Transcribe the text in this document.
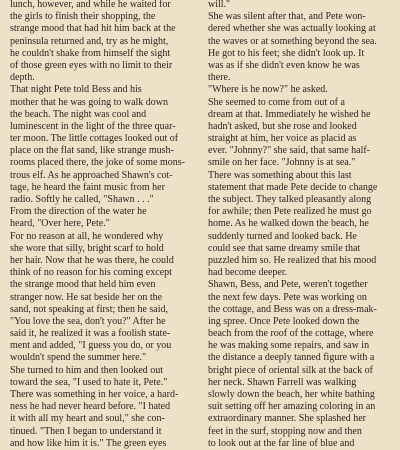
lunch, however, and while he waited for
the girls to finish their shopping, the
strange mood that had hit him back at the
peninsula returned and, try as he might,
he couldn't shake from himself the sight
of those green eyes with no limit to their
depth.
That night Pete told Bess and his
mother that he was going to walk down
the beach. The night was cool and
luminescent in the light of the three quar-
ter moon. The little cottages looked out of
place on the flat sand, like strange mush-
rooms placed there, the joke of some mons-
trous elf. As he approached Shawn's cot-
tage, he heard the faint music from her
radio. Softly he called, "Shawn . . ."
From the direction of the water he
heard, "Over here, Pete."
For no reason at all, he wondered why
she wore that silly, bright scarf to hold
her hair. Now that he was there, he could
think of no reason for his coming except
the strange mood that held him even
stranger now. He sat beside her on the
sand, not speaking at first; then he said,
"You love the sea, don't you?" After he
said it, he realized it was a foolish state-
ment and added, "I guess you do, or you
wouldn't spend the summer here."
She turned to him and then looked out
toward the sea, "I used to hate it, Pete."
There was something in her voice, a hard-
ness he had never heard before. "I hated
it with all my heart and soul," she con-
tinued. "Then I began to understand it
and how like him it is." The green eyes
will."
She was silent after that, and Pete won-
dered whether she was actually looking at
the waves or at something beyond the sea.
He got to his feet; she didn't look up. It
was as if she didn't even know he was
there.
"Where is he now?" he asked.
She seemed to come from out of a
dream at that. Immediately he wished he
hadn't asked, but she rose and looked
straight at him, her voice as placid as
ever. "Johnny?" she said, that same half-
smile on her face. "Johnny is at sea."
There was something about this last
statement that made Pete decide to change
the subject. They talked pleasantly along
for awhile; then Pete realized he must go
home. As he walked down the beach, he
suddenly turned and looked back. He
could see that same dreamy smile that
puzzled him so. He realized that his mood
had become deeper.
Shawn, Bess, and Pete, weren't together
the next few days. Pete was working on
the cottage, and Bess was on a dress-mak-
ing spree. Once Pete looked down the
beach from the roof of the cottage, where
he was making some repairs, and saw in
the distance a deeply tanned figure with a
bright piece of oriental silk at the back of
her neck. Shawn Farrell was walking
slowly down the beach, her white bathing
suit setting off her amazing coloring in an
extraordinary manner. She splashed her
feet in the surf, stopping now and then
to look out at the far line of blue and
